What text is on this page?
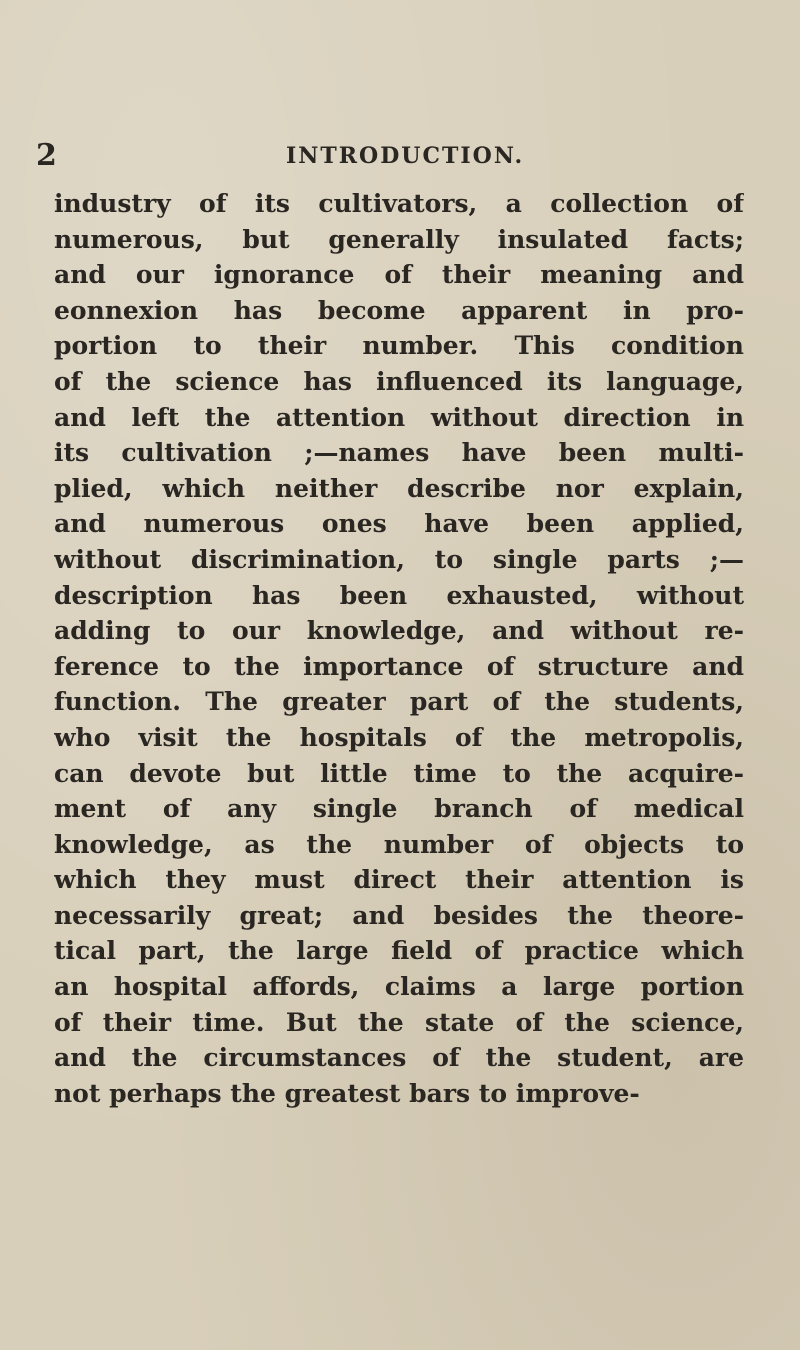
2	INTRODUCTION.
industry of its cultivators, a collection of
numerous, but generally insulated facts;
and our ignorance of their meaning and
eonnexion has become apparent in pro-
portion to their number. This condition
of the science has influenced its language,
and left the attention without direction in
its cultivation ;—names have been multi-
plied, which neither describe nor explain,
and numerous ones have been applied,
without discrimination, to single parts ;—
description has been exhausted, without
adding to our knowledge, and without re-
ference to the importance of structure and
function. The greater part of the students,
who visit the hospitals of the metropolis,
can devote but little time to the acquire-
ment of any single branch of medical
knowledge, as the number of objects to
which they must direct their attention is
necessarily great; and besides the theore-
tical part, the large field of practice which
an hospital affords, claims a large portion
of their time. But the state of the science,
and the circumstances of the student, are
not perhaps the greatest bars to improve-
